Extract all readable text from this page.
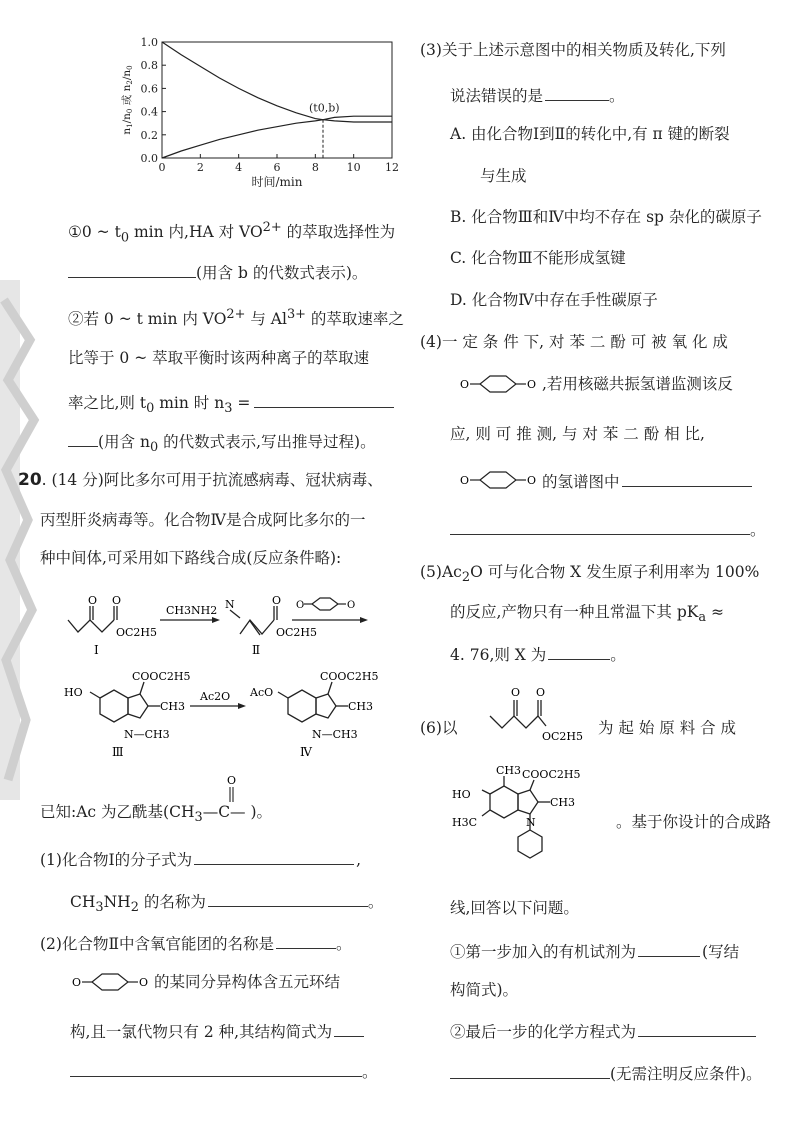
0	2	4	6	8	10 12
0.0
0.2
0.4
0.6
0.8
1.0
(t0,b)
时间/min
n1/n0 或 n2/n0
①0 ~ $t_0$ min 内,HA 对 $VO^{2+}$ 的萃取选择性为
(用含 b 的代数式表示)。
②若 0 ~ t min 内 $VO^{2+}$ 与 $Al^{3+}$ 的萃取速率之
比等于 0 ~ 萃取平衡时该两种离子的萃取速
率之比,则 $t_0$ min 时 $n_3$ =
(用含 $n_0$ 的代数式表示,写出推导过程)。
20. (14 分)阿比多尔可用于抗流感病毒、冠状病毒、
丙型肝炎病毒等。化合物Ⅳ是合成阿比多尔的一
种中间体,可采用如下路线合成(反应条件略):
O O
OC2H5
Ⅰ
CH3NH2 N	O
OC2H5
Ⅱ
O	O
HO
COOC2H5
CH3
N—CH3
Ⅲ
Ac2O AcO
COOC2H5
CH3
N—CH3
Ⅳ
已知:Ac 为乙酰基($CH_3—C—$ )。
O
(1)化合物Ⅰ的分子式为	,
$CH_3NH_2$ 的名称为	。
(2)化合物Ⅱ中含氧官能团的名称是	。
O	O 的某同分异构体含五元环结
构,且一氯代物只有 2 种,其结构简式为
。
(3)关于上述示意图中的相关物质及转化,下列
说法错误的是	。
A. 由化合物Ⅰ到Ⅱ的转化中,有 π 键的断裂
与生成
B. 化合物Ⅲ和Ⅳ中均不存在 sp 杂化的碳原子
C. 化合物Ⅲ不能形成氢键
D. 化合物Ⅳ中存在手性碳原子
(4)一 定 条 件 下, 对 苯 二 酚 可 被 氧 化 成
O	O ,若用核磁共振氢谱监测该反
应, 则 可 推 测, 与 对 苯 二 酚 相 比,
O	O 的氢谱图中
。
$(5)Ac_2O$ 可与化合物 X 发生原子利用率为 100%
的反应,产物只有一种且常温下其 $pK_a$ ≈
4. 76,则 X 为	。
(6)以
O O
OC2H5 为 起 始 原 料 合 成
CH3 COOC2H5
CH3
HO
H3C	N	。基于你设计的合成路
线,回答以下问题。
①第一步加入的有机试剂为	(写结
构简式)。
②最后一步的化学方程式为
(无需注明反应条件)。
